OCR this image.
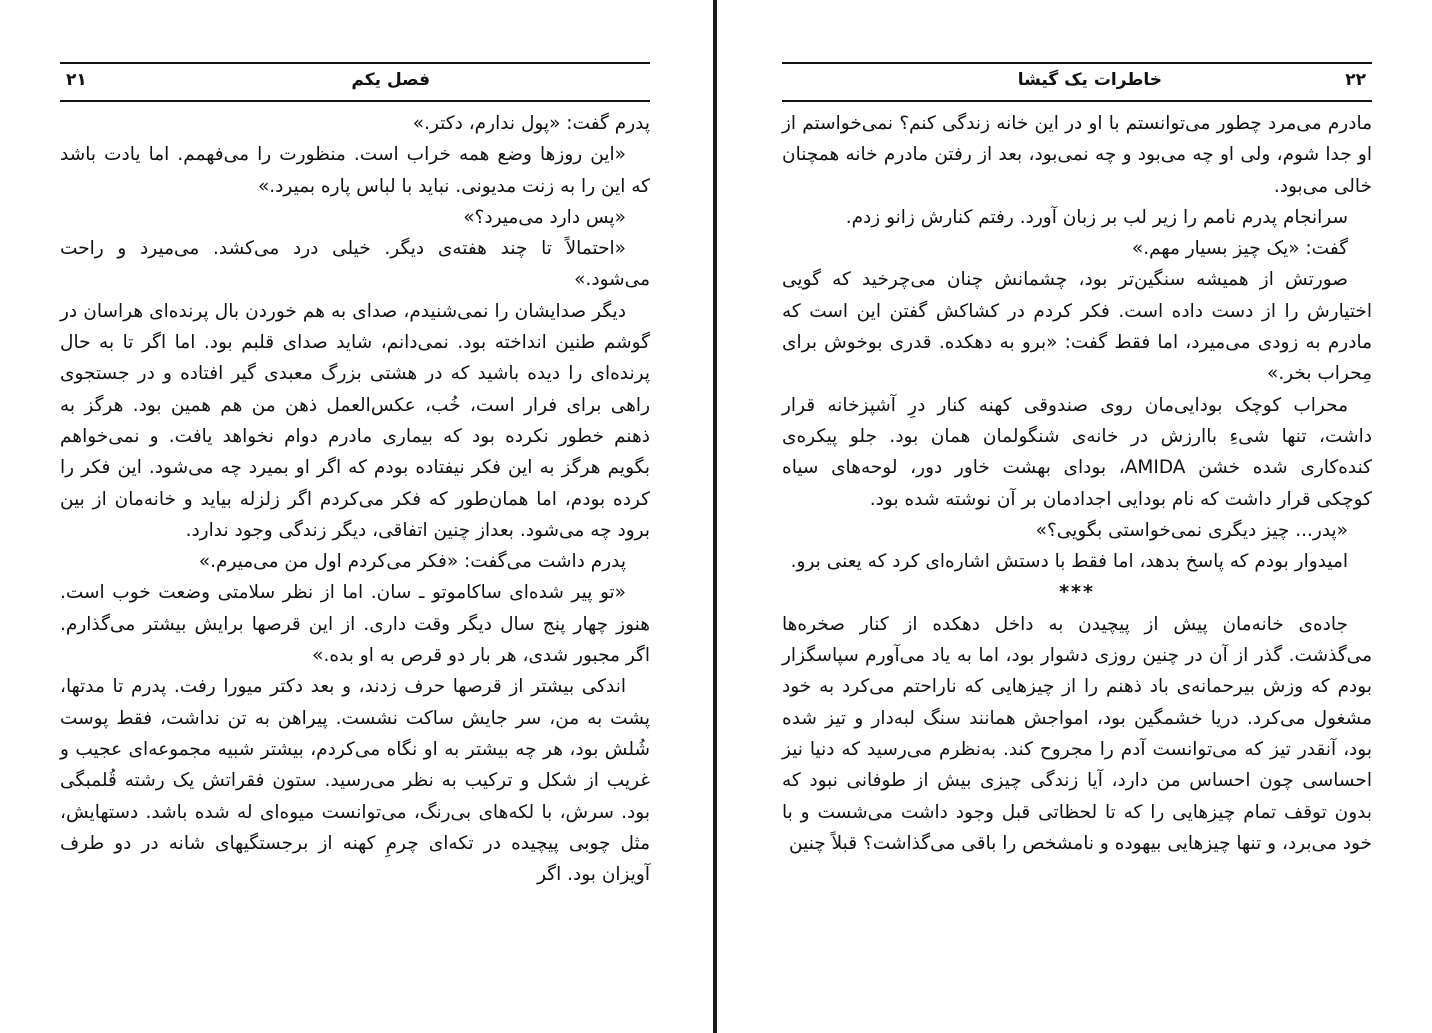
فصل یکم
۲۱

پدرم گفت: «پول ندارم، دکتر.»

«این روزها وضع همه خراب است. منظورت را می‌فهمم. اما یادت باشد که این را به زنت مدیونی. نباید با لباس پاره بمیرد.»

«پس دارد می‌میرد؟»

«احتمالاً تا چند هفته‌ی دیگر. خیلی درد می‌کشد. می‌میرد و راحت می‌شود.»

دیگر صدایشان را نمی‌شنیدم، صدای به هم خوردن بال پرنده‌ای هراسان در گوشم طنین انداخته بود. نمی‌دانم، شاید صدای قلبم بود. اما اگر تا به حال پرنده‌ای را دیده باشید که در هشتی بزرگ معبدی گیر افتاده و در جستجوی راهی برای فرار است، خُب، عکس‌العمل ذهن من هم همین بود. هرگز به ذهنم خطور نکرده بود که بیماری مادرم دوام نخواهد یافت. و نمی‌خواهم بگویم هرگز به این فکر نیفتاده بودم که اگر او بمیرد چه می‌شود. این فکر را کرده بودم، اما همان‌طور که فکر می‌کردم اگر زلزله بیاید و خانه‌مان از بین برود چه می‌شود. بعداز چنین اتفاقی، دیگر زندگی وجود ندارد.

پدرم داشت می‌گفت: «فکر می‌کردم اول من می‌میرم.»

«تو پیر شده‌ای ساکاموتو ـ سان. اما از نظر سلامتی وضعت خوب است. هنوز چهار پنج سال دیگر وقت داری. از این قرصها برایش بیشتر می‌گذارم. اگر مجبور شدی، هر بار دو قرص به او بده.»

اندکی بیشتر از قرصها حرف زدند، و بعد دکتر میورا رفت. پدرم تا مدتها، پشت به من، سر جایش ساکت نشست. پیراهن به تن نداشت، فقط پوست شُلش بود، هر چه بیشتر به او نگاه می‌کردم، بیشتر شبیه مجموعه‌ای عجیب و غریب از شکل و ترکیب به نظر می‌رسید. ستون فقراتش یک رشته قُلمبگی بود. سرش، با لکه‌های بی‌رنگ، می‌توانست میوه‌ای له شده باشد. دستهایش، مثل چوبی پیچیده در تکه‌ای چرمِ کهنه از برجستگیهای شانه در دو طرف آویزان بود. اگر

خاطرات یک گیشا	۲۲

مادرم می‌مرد چطور می‌توانستم با او در این خانه زندگی کنم؟ نمی‌خواستم از او جدا شوم، ولی او چه می‌بود و چه نمی‌بود، بعد از رفتن مادرم خانه همچنان خالی می‌بود.

سرانجام پدرم نامم را زیر لب بر زبان آورد. رفتم کنارش زانو زدم.

گفت: «یک چیز بسیار مهم.»

صورتش از همیشه سنگین‌تر بود، چشمانش چنان می‌چرخید که گویی اختیارش را از دست داده است. فکر کردم در کشاکش گفتن این است که مادرم به زودی می‌میرد، اما فقط گفت: «برو به دهکده. قدری بوخوش برای مِحراب بخر.»

محراب کوچک بودایی‌مان روی صندوقی کهنه کنار درِ آشپزخانه قرار داشت، تنها شیءِ باارزش در خانه‌ی شنگولمان همان بود. جلو پیکره‌ی کنده‌کاری شده خشن AMIDA، بودای بهشت خاور دور، لوحه‌های سیاه کوچکی قرار داشت که نام بودایی اجدادمان بر آن نوشته شده بود.

«پدر... چیز دیگری نمی‌خواستی بگویی؟»

امیدوار بودم که پاسخ بدهد، اما فقط با دستش اشاره‌ای کرد که یعنی برو.

***

جاده‌ی خانه‌مان پیش از پیچیدن به داخل دهکده از کنار صخره‌ها می‌گذشت. گذر از آن در چنین روزی دشوار بود، اما به یاد می‌آورم سپاسگزار بودم که وزش بیرحمانه‌ی باد ذهنم را از چیزهایی که ناراحتم می‌کرد به خود مشغول می‌کرد. دریا خشمگین بود، امواجش همانند سنگ لبه‌دار و تیز شده بود، آنقدر تیز که می‌توانست آدم را مجروح کند. به‌نظرم می‌رسید که دنیا نیز احساسی چون احساس من دارد، آیا زندگی چیزی بیش از طوفانی نبود که بدون توقف تمام چیزهایی را که تا لحظاتی قبل وجود داشت می‌شست و با خود می‌برد، و تنها چیزهایی بیهوده و نامشخص را باقی می‌گذاشت؟ قبلاً چنین
